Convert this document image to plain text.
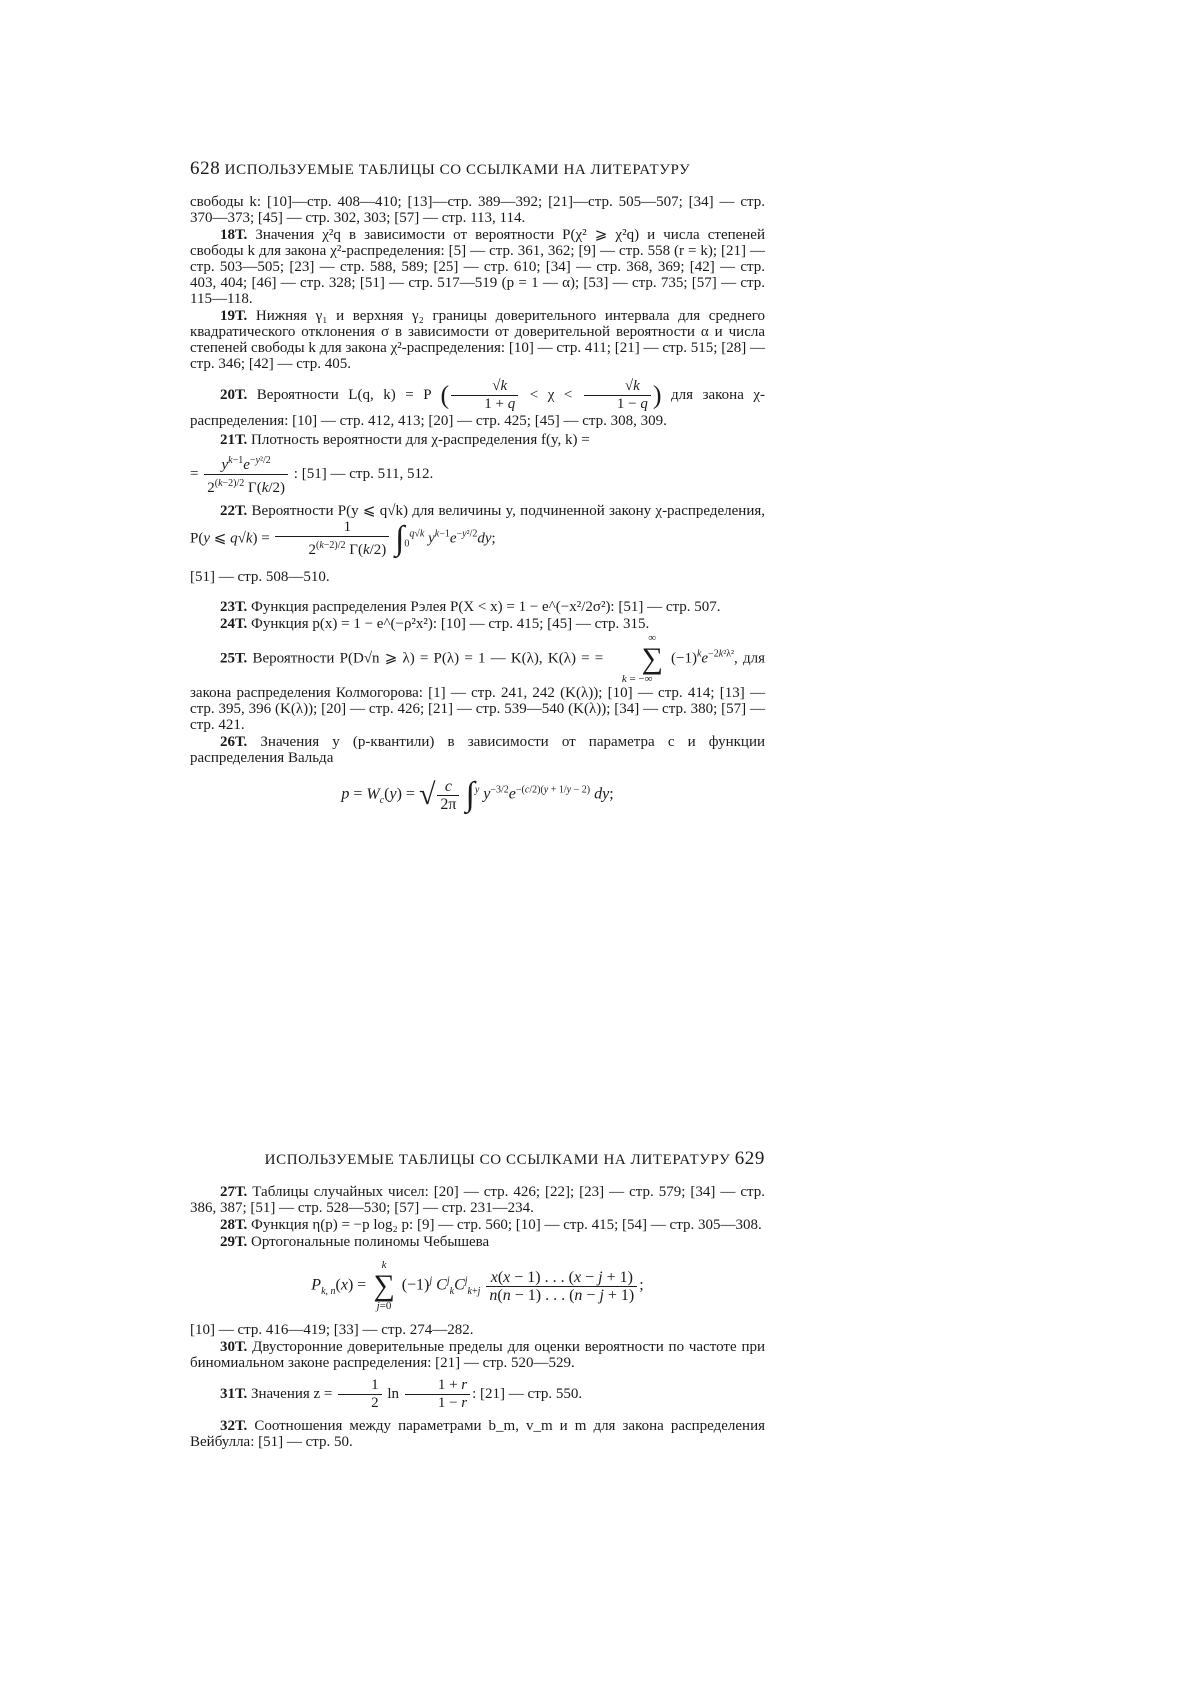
628 ИСПОЛЬЗУЕМЫЕ ТАБЛИЦЫ СО ССЫЛКАМИ НА ЛИТЕРАТУРУ

свободы k: [10]—стр. 408—410; [13]—стр. 389—392; [21]—стр. 505—507; [34] — стр. 370—373; [45] — стр. 302, 303; [57] — стр. 113, 114.

18Т. Значения χ²q в зависимости от вероятности P(χ² ⩾ χ²q) и числа степеней свободы k для закона χ²-распределения: [5] — стр. 361, 362; [9] — стр. 558 (r = k); [21] — стр. 503—505; [23] — стр. 588, 589; [25] — стр. 610; [34] — стр. 368, 369; [42] — стр. 403, 404; [46] — стр. 328; [51] — стр. 517—519 (p = 1 — α); [53] — стр. 735; [57] — стр. 115—118.

19Т. Нижняя γ₁ и верхняя γ₂ границы доверительного интервала для среднего квадратического отклонения σ в зависимости от доверительной вероятности α и числа степеней свободы k для закона χ²-распределения: [10] — стр. 411; [21] — стр. 515; [28] — стр. 346; [42] — стр. 405.

20Т. Вероятности L(q, k) = P ( $\frac{√k}{1 + q} < \chi < \frac{√k}{1 - q}$ ) для закона χ-распределения: [10] — стр. 412, 413; [20] — стр. 425; [45] — стр. 308, 309.

21Т. Плотность вероятности для χ-распределения f(y, k) =

= $\frac{y^{k-1}e^{-y^2/2}}{2^{(k-2)/2} \Gamma(k/2)}$ : [51] — стр. 511, 512.

22Т. Вероятности P(y ⩽ q√k) для величины y, подчиненной закону χ-распределения, P(y ⩽ $q√k) = \frac{1}{2^{(k-2)/2} \Gamma(k/2)} \int_0^{q√k}$ $y^{k-1}e^{-y^2/2}dy$;

[51] — стр. 508—510.

23Т. Функция распределения Рэлея P(X < x) = 1 − e^(−x²/2σ²): [51] — стр. 507.

24Т. Функция p(x) = 1 − e^(−ρ²x²): [10] — стр. 415; [45] — стр. 315.

25Т. Вероятности P(D√n ⩾ λ) = P(λ) = 1 — K(λ), K(λ) = = ∞
∑
k = −∞ $(-1)^ke^{-2k^2\lambda^2}$, для закона распределения Колмогорова: [1] — стр. 241, 242 (K(λ)); [10] — стр. 414; [13] — стр. 395, 396 (K(λ)); [20] — стр. 426; [21] — стр. 539—540 (K(λ)); [34] — стр. 380; [57] — стр. 421.

26Т. Значения y (p-квантили) в зависимости от параметра c и функции распределения Вальда

$p = W_c(y)$ = √ $\frac{c}{2\pi} \int^y$ $y^{-3/2}e^{-(c/2)(y + 1/y - 2)}$ dy;
ИСПОЛЬЗУЕМЫЕ ТАБЛИЦЫ СО ССЫЛКАМИ НА ЛИТЕРАТУРУ 629

27Т. Таблицы случайных чисел: [20] — стр. 426; [22]; [23] — стр. 579; [34] — стр. 386, 387; [51] — стр. 528—530; [57] — стр. 231—234.

28Т. Функция η(p) = −p log₂ p: [9] — стр. 560; [10] — стр. 415; [54] — стр. 305—308.

29Т. Ортогональные полиномы Чебышева

$P_{k, n}(x) = k$
∑
j=0 $(-1)^j$ $C^j_kC^j_{k+j} \frac{x(x - 1) . . . (x - j + 1)}{n(n - 1) . . . (n - j + 1)}$ ;

[10] — стр. 416—419; [33] — стр. 274—282.

30Т. Двусторонние доверительные пределы для оценки вероятности по частоте при биномиальном законе распределения: [21] — стр. 520—529.

31Т. Значения $z = \frac{1}{2}$ $\ln \frac{1 + r}{1 - r}$ : [21] — стр. 550.

32Т. Соотношения между параметрами b_m, v_m и m для закона распределения Вейбулла: [51] — стр. 50.
